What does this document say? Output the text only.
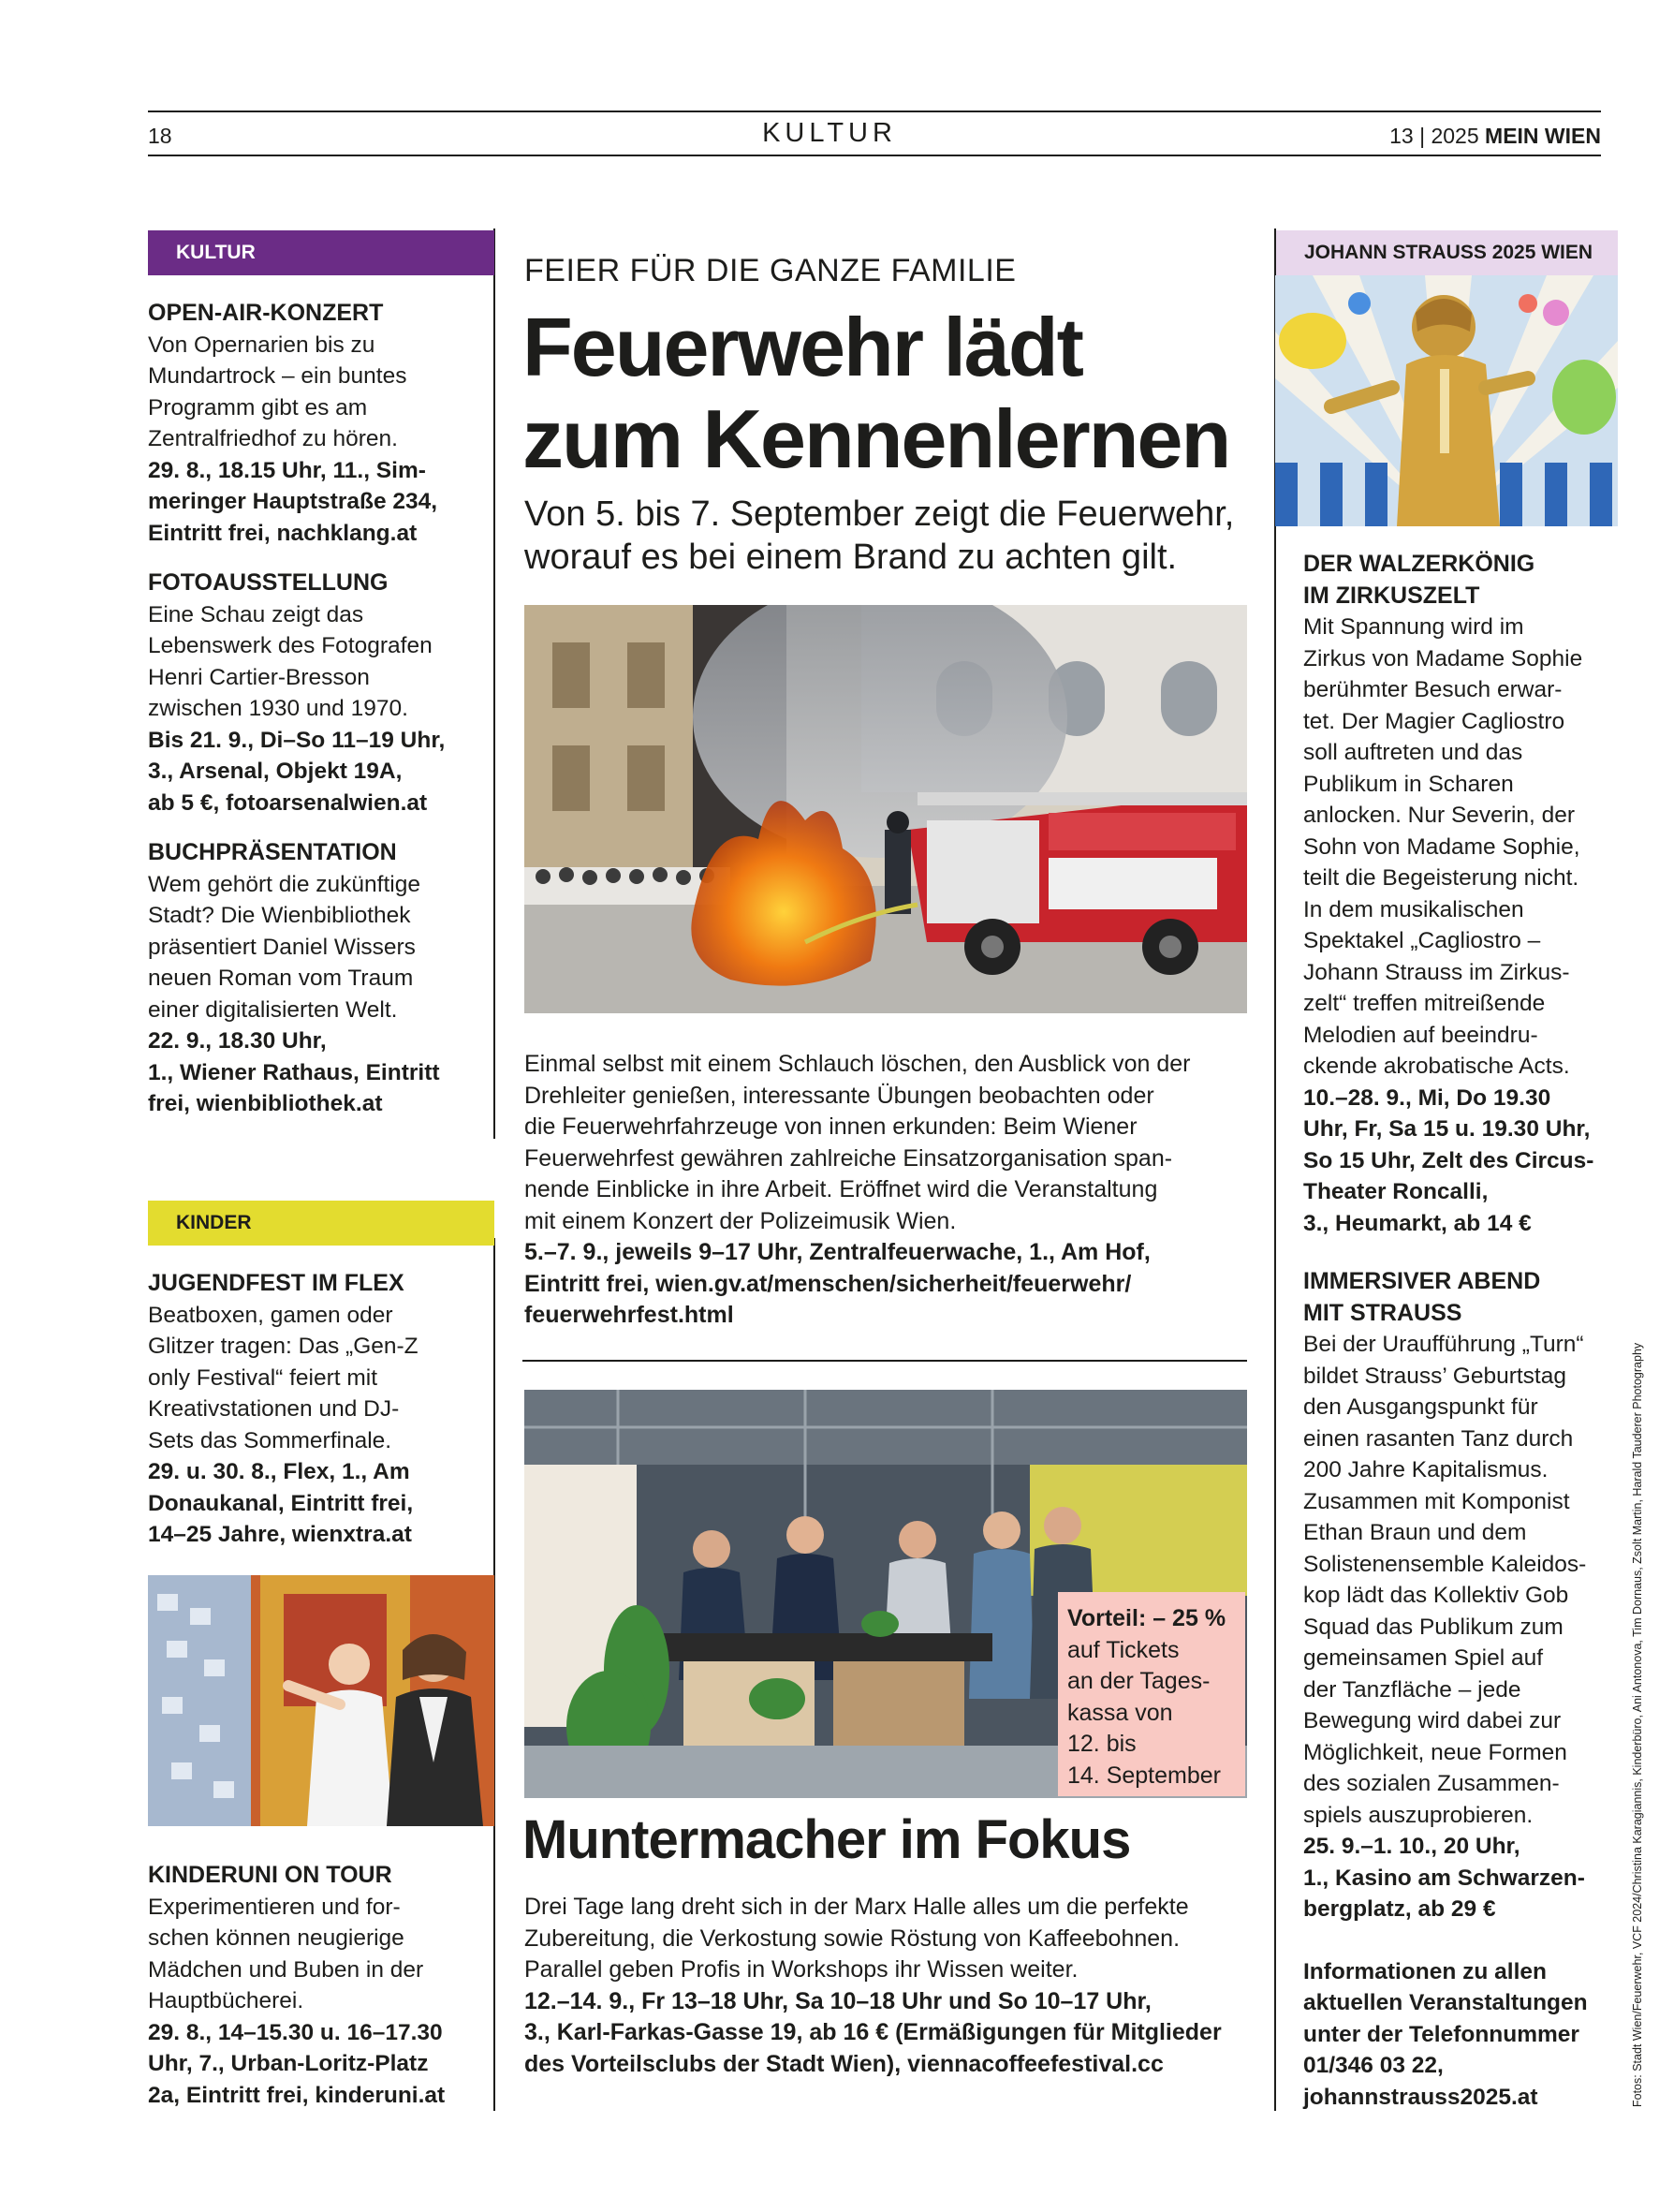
18	KULTUR	13 | 2025 MEIN WIEN
KULTUR
OPEN-AIR-KONZERT
Von Opernarien bis zu
Mundartrock – ein buntes
Programm gibt es am
Zentralfriedhof zu hören.
29. 8., 18.15 Uhr, 11., Sim-
meringer Hauptstraße 234,
Eintritt frei, nachklang.at
FOTOAUSSTELLUNG
Eine Schau zeigt das
Lebenswerk des Fotografen
Henri Cartier-Bresson
zwischen 1930 und 1970.
Bis 21. 9., Di–So 11–19 Uhr,
3., Arsenal, Objekt 19A,
ab 5 €, fotoarsenalwien.at
BUCHPRÄSENTATION
Wem gehört die zukünftige
Stadt? Die Wienbibliothek
präsentiert Daniel Wissers
neuen Roman vom Traum
einer digitalisierten Welt.
22. 9., 18.30 Uhr,
1., Wiener Rathaus, Eintritt
frei, wienbibliothek.at
KINDER
JUGENDFEST IM FLEX
Beatboxen, gamen oder
Glitzer tragen: Das „Gen-Z
only Festival“ feiert mit
Kreativstationen und DJ-
Sets das Sommerfinale.
29. u. 30. 8., Flex, 1., Am
Donaukanal, Eintritt frei,
14–25 Jahre, wienxtra.at
KINDERUNI ON TOUR
Experimentieren und for-
schen können neugierige
Mädchen und Buben in der
Hauptbücherei.
29. 8., 14–15.30 u. 16–17.30
Uhr, 7., Urban-Loritz-Platz
2a, Eintritt frei, kinderuni.at
FEIER FÜR DIE GANZE FAMILIE
Feuerwehr lädt
zum Kennenlernen
Von 5. bis 7. September zeigt die Feuerwehr,
worauf es bei einem Brand zu achten gilt.
Einmal selbst mit einem Schlauch löschen, den Ausblick von der
Drehleiter genießen, interessante Übungen beobachten oder
die Feuerwehrfahrzeuge von innen erkunden: Beim Wiener
Feuerwehrfest gewähren zahlreiche Einsatzorganisation span-
nende Einblicke in ihre Arbeit. Eröffnet wird die Veranstaltung
mit einem Konzert der Polizeimusik Wien.
5.–7. 9., jeweils 9–17 Uhr, Zentralfeuerwache, 1., Am Hof,
Eintritt frei, wien.gv.at/menschen/sicherheit/feuerwehr/
feuerwehrfest.html
Vorteil: – 25 %
auf Tickets
an der Tages-
kassa von
12. bis
14. September
Muntermacher im Fokus
Drei Tage lang dreht sich in der Marx Halle alles um die perfekte
Zubereitung, die Verkostung sowie Röstung von Kaffeebohnen.
Parallel geben Profis in Workshops ihr Wissen weiter.
12.–14. 9., Fr 13–18 Uhr, Sa 10–18 Uhr und So 10–17 Uhr,
3., Karl-Farkas-Gasse 19, ab 16 € (Ermäßigungen für Mitglieder
des Vorteilsclubs der Stadt Wien), viennacoffeefestival.cc
JOHANN STRAUSS 2025 WIEN
DER WALZERKÖNIG
IM ZIRKUSZELT
Mit Spannung wird im
Zirkus von Madame Sophie
berühmter Besuch erwar-
tet. Der Magier Cagliostro
soll auftreten und das
Publikum in Scharen
anlocken. Nur Severin, der
Sohn von Madame Sophie,
teilt die Begeisterung nicht.
In dem musikalischen
Spektakel „Cagliostro –
Johann Strauss im Zirkus-
zelt“ treffen mitreißende
Melodien auf beeindru-
ckende akrobatische Acts.
10.–28. 9., Mi, Do 19.30
Uhr, Fr, Sa 15 u. 19.30 Uhr,
So 15 Uhr, Zelt des Circus-
Theater Roncalli,
3., Heumarkt, ab 14 €
IMMERSIVER ABEND
MIT STRAUSS
Bei der Uraufführung „Turn“
bildet Strauss’ Geburtstag
den Ausgangspunkt für
einen rasanten Tanz durch
200 Jahre Kapitalismus.
Zusammen mit Komponist
Ethan Braun und dem
Solistenensemble Kaleidos-
kop lädt das Kollektiv Gob
Squad das Publikum zum
gemeinsamen Spiel auf
der Tanzfläche – jede
Bewegung wird dabei zur
Möglichkeit, neue Formen
des sozialen Zusammen-
spiels auszuprobieren.
25. 9.–1. 10., 20 Uhr,
1., Kasino am Schwarzen-
bergplatz, ab 29 €
Informationen zu allen
aktuellen Veranstaltungen
unter der Telefonnummer
01/346 03 22,
johannstrauss2025.at	Fotos: Stadt Wien/Feuerwehr, VCF 2024/Christina Karagiannis, Kinderbüro, Ani Antonova, Tim Dornaus, Zsolt Martin, Harald Tauderer Photography
